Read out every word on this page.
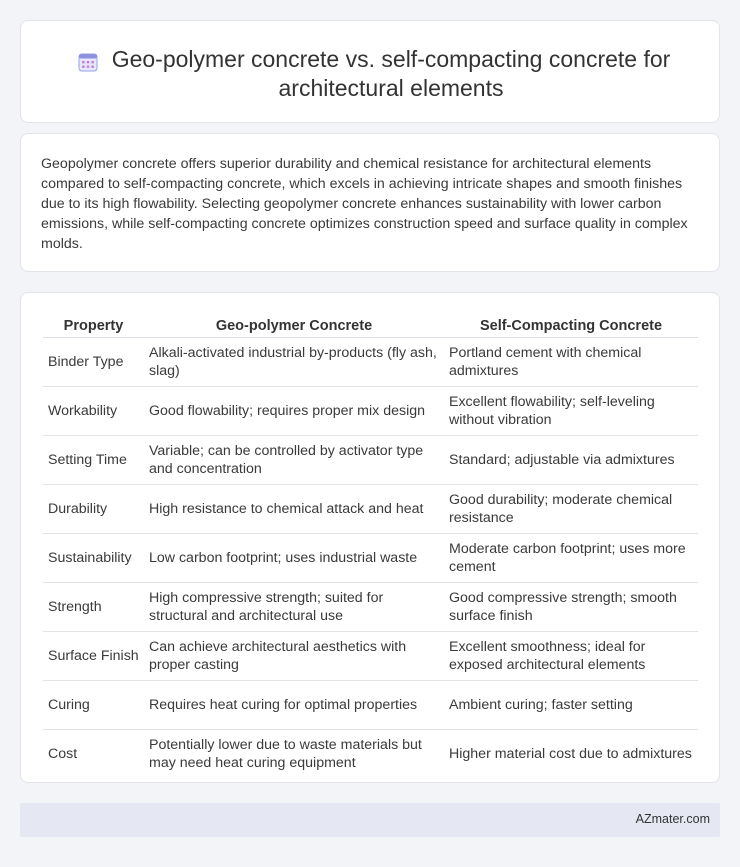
Geo-polymer concrete vs. self-compacting concrete for architectural elements

Geopolymer concrete offers superior durability and chemical resistance for architectural elements compared to self-compacting concrete, which excels in achieving intricate shapes and smooth finishes due to its high flowability. Selecting geopolymer concrete enhances sustainability with lower carbon emissions, while self-compacting concrete optimizes construction speed and surface quality in complex molds.

Property	Geo-polymer Concrete	Self-Compacting Concrete
Binder Type	Alkali-activated industrial by-products (fly ash, slag)	Portland cement with chemical admixtures
Workability	Good flowability; requires proper mix design	Excellent flowability; self-leveling without vibration
Setting Time	Variable; can be controlled by activator type and concentration	Standard; adjustable via admixtures
Durability	High resistance to chemical attack and heat	Good durability; moderate chemical resistance
Sustainability	Low carbon footprint; uses industrial waste	Moderate carbon footprint; uses more cement
Strength	High compressive strength; suited for structural and architectural use	Good compressive strength; smooth surface finish
Surface Finish	Can achieve architectural aesthetics with proper casting	Excellent smoothness; ideal for exposed architectural elements
Curing	Requires heat curing for optimal properties	Ambient curing; faster setting
Cost	Potentially lower due to waste materials but may need heat curing equipment	Higher material cost due to admixtures
AZmater.com
